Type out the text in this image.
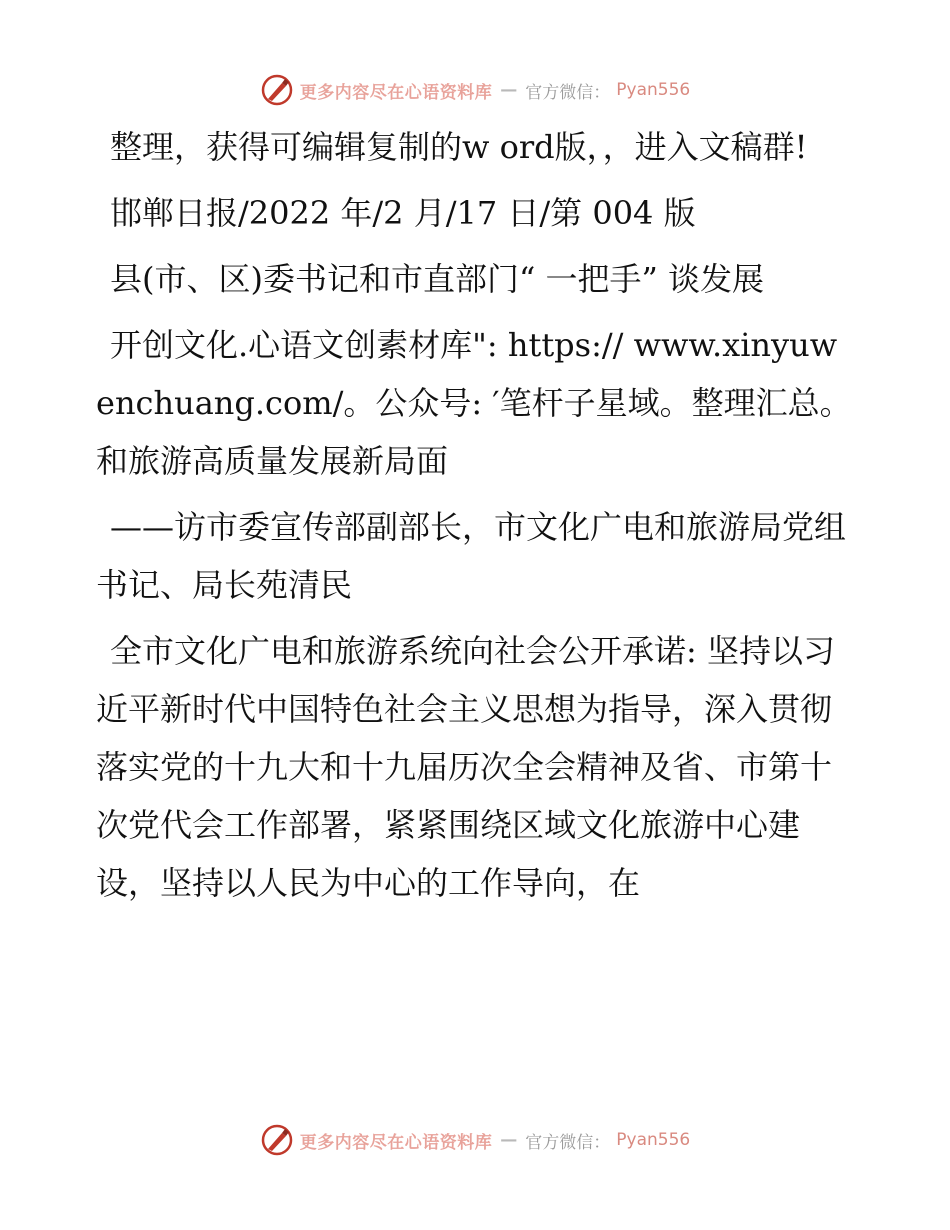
更多内容尽在心语资料库 — 官方微信： Pyan556

整理，获得可编辑复制的w ord版，，进入文稿群!

邯郸日报/2022 年/2 月/17 日/第 004 版

县(市、区)委书记和市直部门“ 一把手” 谈发展

开创文化.心语文创素材库": https:// www.xinyuwenchuang.com/。公众号: ′笔杆子星域。整理汇总。和旅游高质量发展新局面

——访市委宣传部副部长，市文化广电和旅游局党组书记、局长苑清民

全市文化广电和旅游系统向社会公开承诺: 坚持以习近平新时代中国特色社会主义思想为指导，深入贯彻落实党的十九大和十九届历次全会精神及省、市第十次党代会工作部署，紧紧围绕区域文化旅游中心建设，坚持以人民为中心的工作导向，在

更多内容尽在心语资料库 — 官方微信： Pyan556
